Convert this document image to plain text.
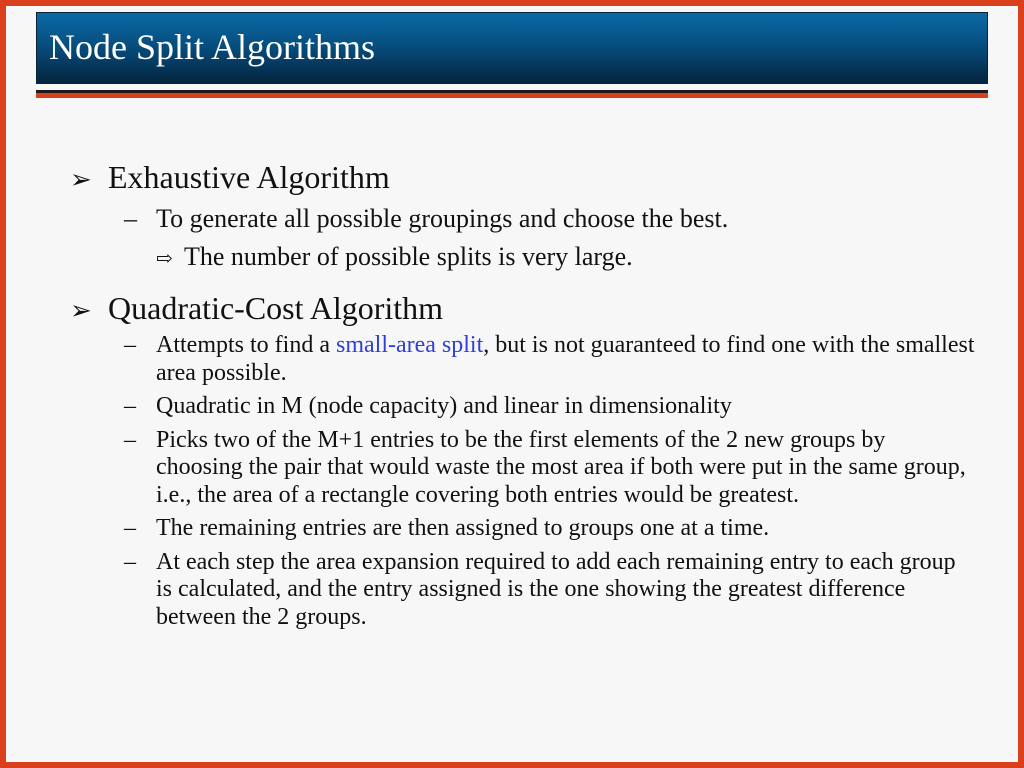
Node Split Algorithms
➢ Exhaustive Algorithm
– To generate all possible groupings and choose the best.
⇨ The number of possible splits is very large.
➢ Quadratic-Cost Algorithm
– Attempts to find a small-area split, but is not guaranteed to find one with the smallest area possible.
– Quadratic in M (node capacity) and linear in dimensionality
– Picks two of the M+1 entries to be the first elements of the 2 new groups by choosing the pair that would waste the most area if both were put in the same group, i.e., the area of a rectangle covering both entries would be greatest.
– The remaining entries are then assigned to groups one at a time.
– At each step the area expansion required to add each remaining entry to each group is calculated, and the entry assigned is the one showing the greatest difference between the 2 groups.
